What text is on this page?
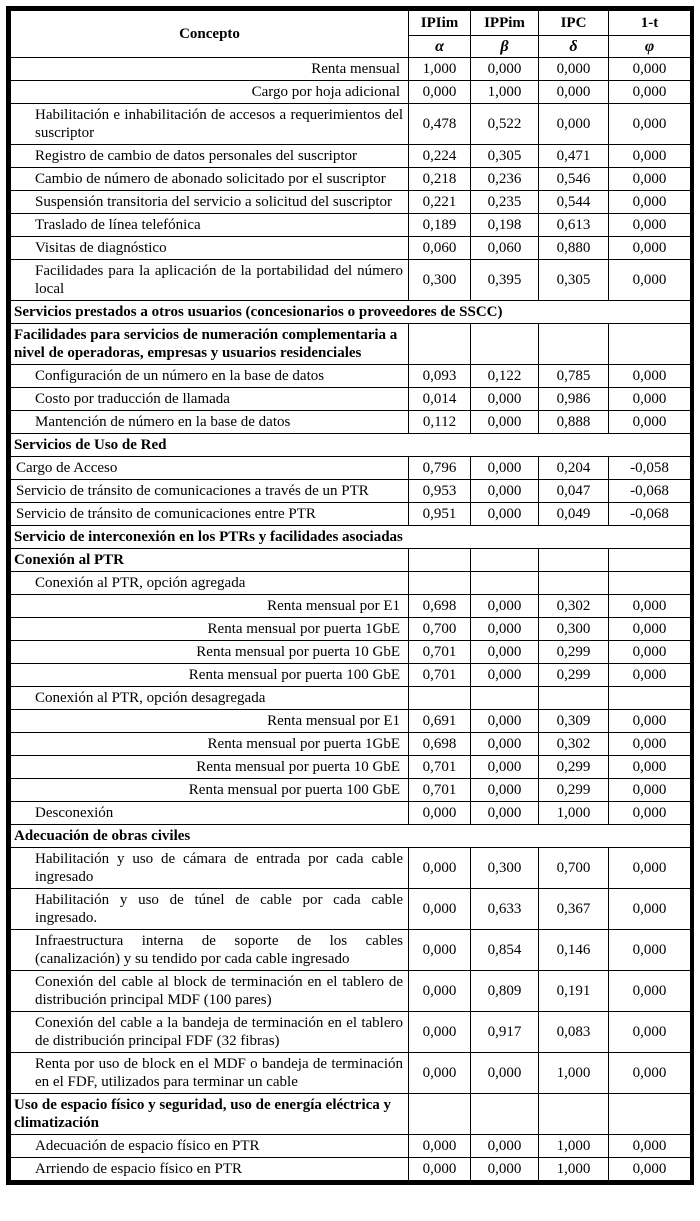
Concepto	IPIim	IPPim	IPC	1-t
	α	β	δ	φ
Renta mensual	1,000	0,000	0,000	0,000
Cargo por hoja adicional	0,000	1,000	0,000	0,000
Habilitación e inhabilitación de accesos a requerimientos del suscriptor	0,478	0,522	0,000	0,000
Registro de cambio de datos personales del suscriptor	0,224	0,305	0,471	0,000
Cambio de número de abonado solicitado por el suscriptor	0,218	0,236	0,546	0,000
Suspensión transitoria del servicio a solicitud del suscriptor	0,221	0,235	0,544	0,000
Traslado de línea telefónica	0,189	0,198	0,613	0,000
Visitas de diagnóstico	0,060	0,060	0,880	0,000
Facilidades para la aplicación de la portabilidad del número local	0,300	0,395	0,305	0,000
Servicios prestados a otros usuarios (concesionarios o proveedores de SSCC)				
Facilidades para servicios de numeración complementaria a nivel de operadoras, empresas y usuarios residenciales				
Configuración de un número en la base de datos	0,093	0,122	0,785	0,000
Costo por traducción de llamada	0,014	0,000	0,986	0,000
Mantención de número en la base de datos	0,112	0,000	0,888	0,000
Servicios de Uso de Red				
Cargo de Acceso	0,796	0,000	0,204	-0,058
Servicio de tránsito de comunicaciones a través de un PTR	0,953	0,000	0,047	-0,068
Servicio de tránsito de comunicaciones entre PTR	0,951	0,000	0,049	-0,068
Servicio de interconexión en los PTRs y facilidades asociadas				
Conexión al PTR				
Conexión al PTR, opción agregada				
Renta mensual por E1	0,698	0,000	0,302	0,000
Renta mensual por puerta 1GbE	0,700	0,000	0,300	0,000
Renta mensual por puerta 10 GbE	0,701	0,000	0,299	0,000
Renta mensual por puerta 100 GbE	0,701	0,000	0,299	0,000
Conexión al PTR, opción desagregada				
Renta mensual por E1	0,691	0,000	0,309	0,000
Renta mensual por puerta 1GbE	0,698	0,000	0,302	0,000
Renta mensual por puerta 10 GbE	0,701	0,000	0,299	0,000
Renta mensual por puerta 100 GbE	0,701	0,000	0,299	0,000
Desconexión	0,000	0,000	1,000	0,000
Adecuación de obras civiles				
Habilitación y uso de cámara de entrada por cada cable ingresado	0,000	0,300	0,700	0,000
Habilitación y uso de túnel de cable por cada cable ingresado.	0,000	0,633	0,367	0,000
Infraestructura interna de soporte de los cables (canalización) y su tendido por cada cable ingresado	0,000	0,854	0,146	0,000
Conexión del cable al block de terminación en el tablero de distribución principal MDF (100 pares)	0,000	0,809	0,191	0,000
Conexión del cable a la bandeja de terminación en el tablero de distribución principal FDF (32 fibras)	0,000	0,917	0,083	0,000
Renta por uso de block en el MDF o bandeja de terminación en el FDF, utilizados para terminar un cable	0,000	0,000	1,000	0,000
Uso de espacio físico y seguridad, uso de energía eléctrica y climatización				
Adecuación de espacio físico en PTR	0,000	0,000	1,000	0,000
Arriendo de espacio físico en PTR	0,000	0,000	1,000	0,000
